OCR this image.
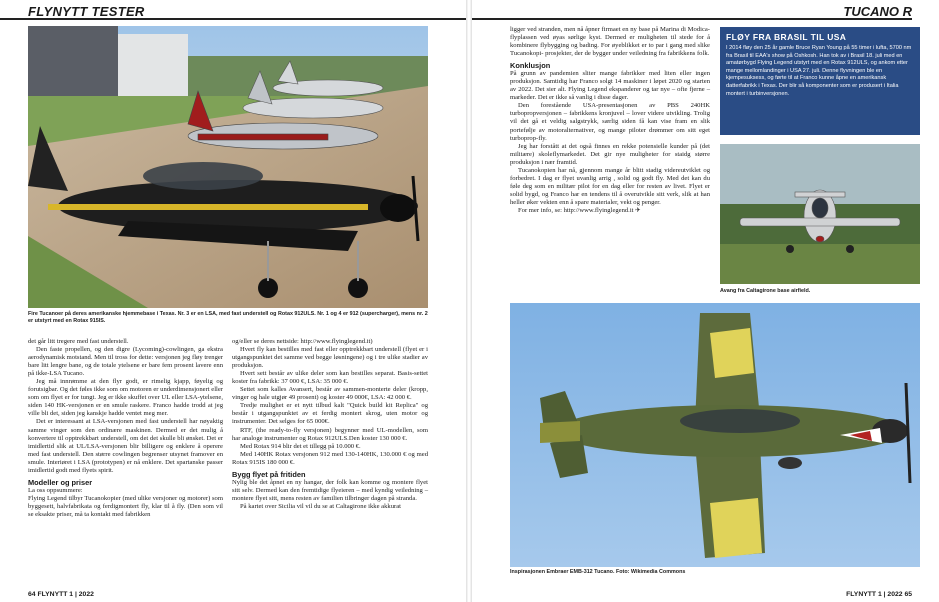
FLYNYTT TESTER
Fire Tucanoer på deres amerikanske hjemmebase i Texas. Nr. 3 er en LSA, med fast understell og Rotax 912ULS. Nr. 1 og 4 er 912 (supercharger), mens nr. 2 er utstyrt med en Rotax 915IS.

det går litt tregere med fast understell.

Den faste propellen, og den digre (Lycoming)-cowlingen, ga ekstra aerodynamisk motstand. Men til tross for dette: versjonen jeg fløy trenger bare litt lengre bane, og de totale ytelsene er bare fem prosent lavere enn på ikke-LSA Tucano.

Jeg må innrømme at den flyr godt, er rimelig kjapp, føyelig og forutsigbar. Og det føles ikke som om motoren er underdimensjonert eller som om flyet er for tungt. Jeg er ikke skuffet over UL eller LSA-ytelsene, siden 140 HK-versjonen er en smule raskere. Franco hadde trodd at jeg ville bli det, siden jeg kanskje hadde ventet meg mer.

Det er interessant at LSA-versjonen med fast understell har nøyaktig samme vinger som den ordinære maskinen. Dermed er det mulig å konvertere til opptrekkbart understell, om det det skulle bli ønsket. Det er imidlertid slik at UL/LSA-versjonen blir billigere og enklere å operere med fast understell. Den større cowlingen begrenser utsynet framover en smule. Interiøret i LSA (prototypen) er nå enklere. Det spartanske passer imidlertid godt med flyets spirit.

Modeller og priser

La oss oppsummere:

Flying Legend tilbyr Tucanokopier (med ulike versjoner og motorer) som byggesett, halvfabrikata og ferdigmontert fly, klar til å fly. (Den som vil se eksakte priser, må ta kontakt med fabrikken

og/eller se deres nettside: http://www.flyinglegend.it)

Hvert fly kan bestilles med fast eller opptrekkbart understell (flyet er i utgangspunktet det samme ved begge løsningene) og i tre ulike stadier av produksjon.

Hvert sett består av ulike deler som kan bestilles separat. Basis-settet koster fra fabrikk: 37 000 €, LSA: 35 000 €.

Settet som kalles Avansert, består av sammen-monterte deler (kropp, vinger og hale utgjør 49 prosent) og koster 49 000€, LSA: 42 000 €.

Tredje mulighet er et nytt tilbud kalt "Quick build kit Replica" og består i utgangspunktet av et ferdig montert skrog, uten motor og instrumenter. Det selges for 65 000€.

RTF, (the ready-to-fly versjonen) begynner med UL-modellen, som har analoge instrumenter og Rotax 912ULS.Den koster 130 000 €.

Med Rotax 914 blir det et tillegg på 10.000 €.

Med 140HK Rotax versjonen 912 med 130-140HK, 130.000 € og med Rotax 915IS 180 000 €.

Bygg flyet på fritiden

Nylig ble det åpnet en ny hangar, der folk kan komme og montere flyet sitt selv. Dermed kan den fremtidige flyeieren – med kyndig veiledning – montere flyet sitt, mens resten av familien tilbringer dagen på stranda.

På kartet over Sicilia vil vil du se at Caltagirone ikke akkurat

64 FLYNYTT 1 | 2022
TUCANO R

ligger ved stranden, men nå åpner firmaet en ny base på Marina di Modica-flyplassen ved øyas sørlige kyst. Dermed er muligheten til stede for å kombinere flybygging og bading. For øyeblikket er to par i gang med slike Tucanokopi- prosjekter, der de bygger under veiledning fra fabrikkens folk.

Konklusjon

På grunn av pandemien sliter mange fabrikker med liten eller ingen produksjon. Samtidig har Franco solgt 14 maskiner i løpet 2020 og starten av 2022. Det sier alt. Flying Legend ekspanderer og tar nye – ofte fjerne – markeder. Det er ikke så vanlig i disse dager.

Den forestående USA-presentasjonen av PBS 240HK turbopropversjonen – fabrikkens kronjuvel – lover videre utvikling. Trolig vil det gå et veldig salgstrykk, særlig siden få kan vise fram en slik portefølje av motoralternativer, og mange piloter drømmer om sitt eget turboprop-fly.

Jeg har forstått at det også finnes en rekke potensielle kunder på (det militære) skoleflymarkedet. Det gir nye muligheter for staidg større produksjon i nær framtid.

Tucanokopien har nå, gjennom mange år blitt stadig videreutviklet og forbedret. I dag er flyet uvanlig arrig , solid og godt fly. Med det kan du føle deg som en militær pilot for en dag eller for resten av livet. Flyet er solid bygd, og Franco har en tendens til å overutvikle sitt verk, slik at han heller øker vekten enn å spare materialer, vekt og penger.

For mer info, se: http://www.flyinglegend.it ✈

FLØY FRA BRASIL TIL USA
I 2014 fløy den 25 år gamle Bruce Ryan Young på 55 timer i lufta, 5700 nm fra Brasil til EAA's show på Oshkosh. Han tok av i Brasil 18. juli med en amatørbygd Flying Legend utstyrt med en Rotax 912ULS, og ankom etter mange mellomlandinger i USA 27. juli. Denne flyvningen ble en kjempesuksess, og førte til at Franco kunne åpne en amerikansk datterfabrikk i Texas. Der blir så komponenter som er produsert i Italia montert i turbinversjonen.
Avang fra Caltagirone base airfield.
Inspirasjonen Embraer EMB-312 Tucano. Foto: Wikimedia Commons
FLYNYTT 1 | 2022 65
